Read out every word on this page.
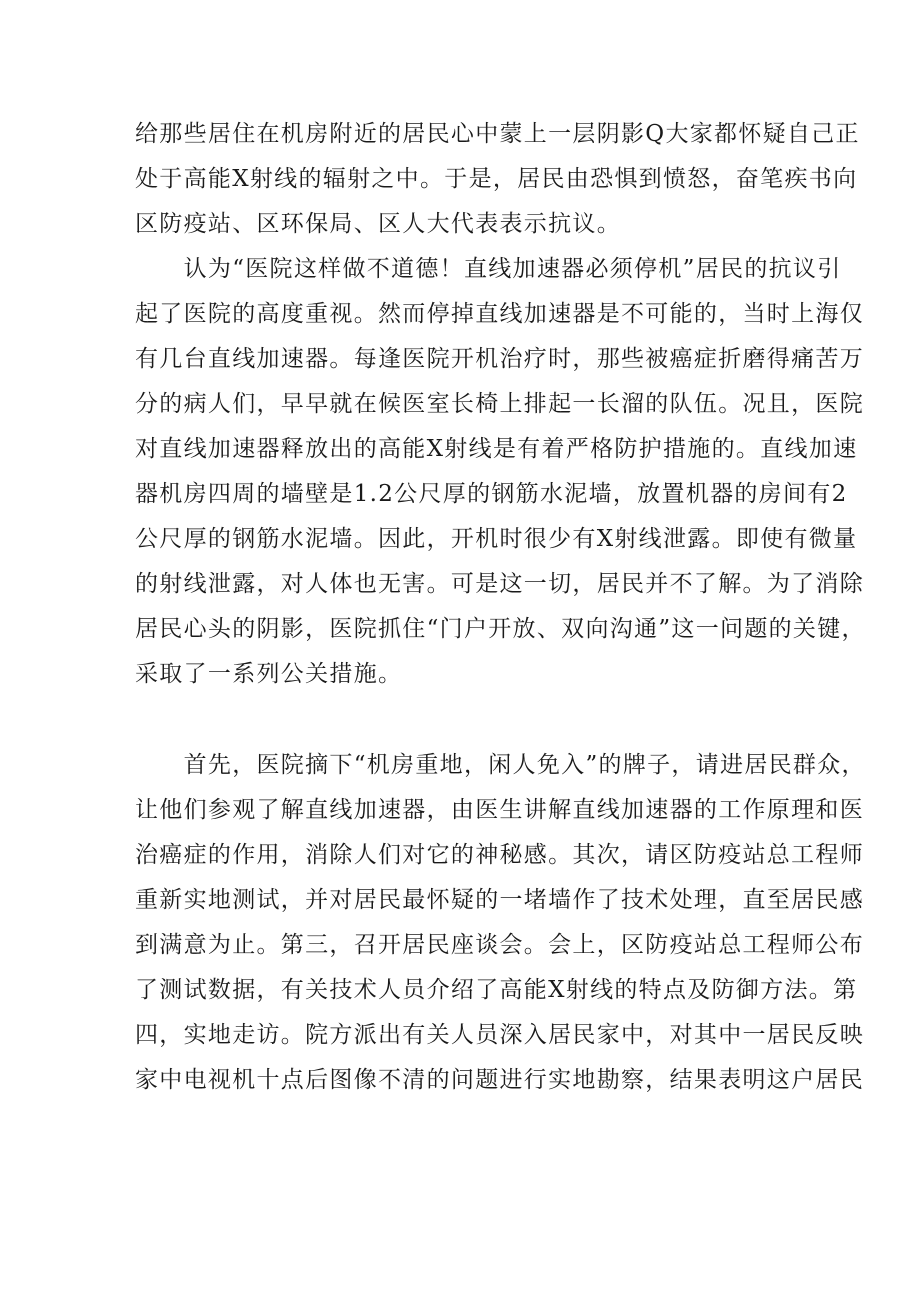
给那些居住在机房附近的居民心中蒙上一层阴影Q大家都怀疑自己正
处于高能X射线的辐射之中。于是，居民由恐惧到愤怒，奋笔疾书向
区防疫站、区环保局、区人大代表表示抗议。
　　认为“医院这样做不道德！直线加速器必须停机”居民的抗议引
起了医院的高度重视。然而停掉直线加速器是不可能的，当时上海仅
有几台直线加速器。每逢医院开机治疗时，那些被癌症折磨得痛苦万
分的病人们，早早就在候医室长椅上排起一长溜的队伍。况且，医院
对直线加速器释放出的高能X射线是有着严格防护措施的。直线加速
器机房四周的墙壁是1.2公尺厚的钢筋水泥墙，放置机器的房间有2
公尺厚的钢筋水泥墙。因此，开机时很少有X射线泄露。即使有微量
的射线泄露，对人体也无害。可是这一切，居民并不了解。为了消除
居民心头的阴影，医院抓住“门户开放、双向沟通”这一问题的关键，
采取了一系列公关措施。
　　首先，医院摘下“机房重地，闲人免入”的牌子，请进居民群众，
让他们参观了解直线加速器，由医生讲解直线加速器的工作原理和医
治癌症的作用，消除人们对它的神秘感。其次，请区防疫站总工程师
重新实地测试，并对居民最怀疑的一堵墙作了技术处理，直至居民感
到满意为止。第三，召开居民座谈会。会上，区防疫站总工程师公布
了测试数据，有关技术人员介绍了高能X射线的特点及防御方法。第
四，实地走访。院方派出有关人员深入居民家中，对其中一居民反映
家中电视机十点后图像不清的问题进行实地勘察，结果表明这户居民
